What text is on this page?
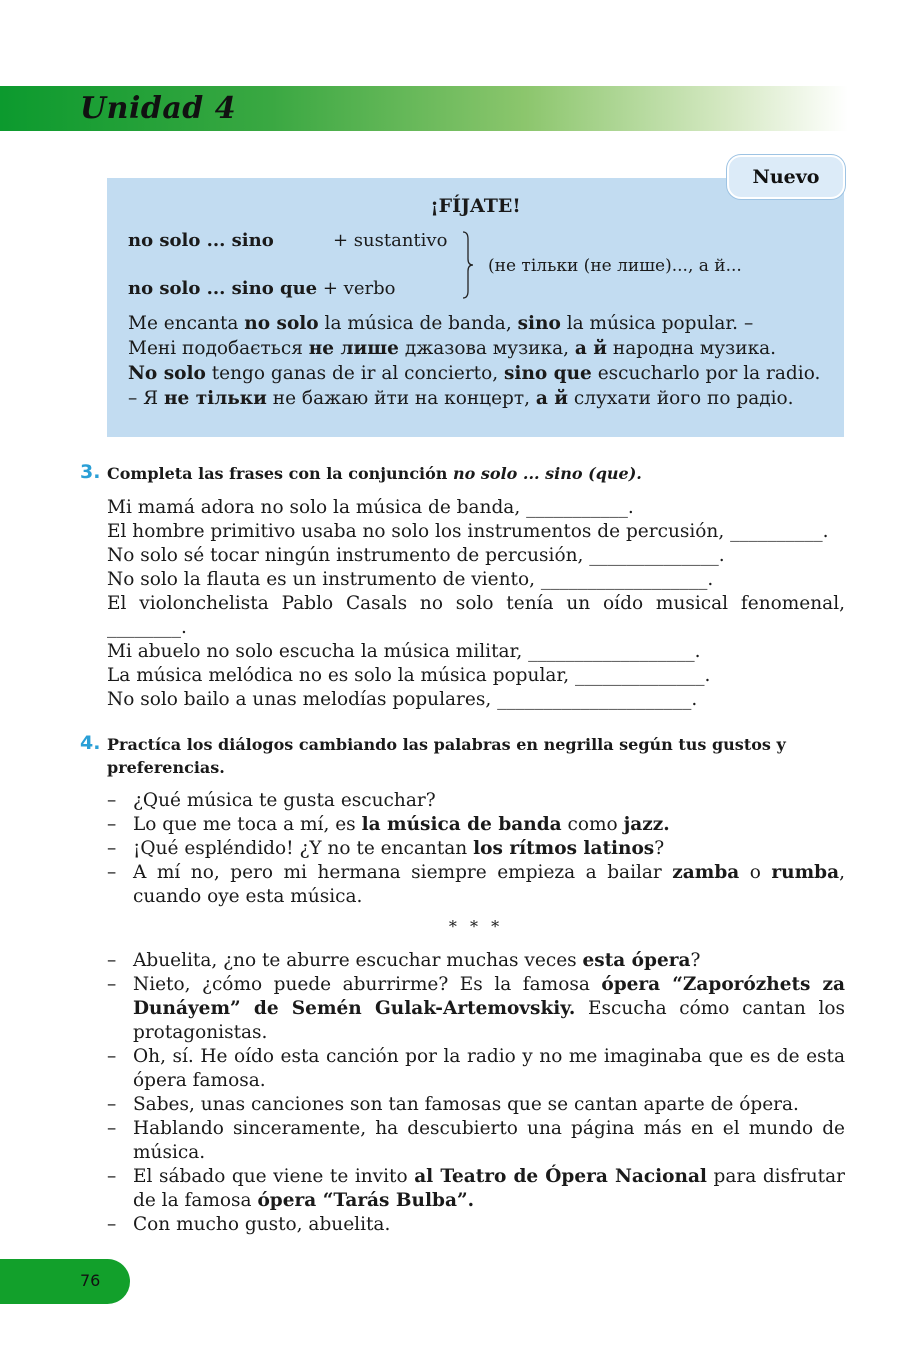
Unidad 4
Nuevo
¡FÍJATE!
no solo ... sino	+ sustantivo
no solo ... sino que + verbo
(не тільки (не лише)..., а й...
Me encanta no solo la música de banda, sino la música popular. –
Мені подобається не лише джазова музика, а й народна музика.
No solo tengo ganas de ir al concierto, sino que escucharlo por la radio.
– Я не тільки не бажаю йти на концерт, а й слухати його по радіо.
3. Completa las frases con la conjunción no solo ... sino (que).
Mi mamá adora no solo la música de banda, ___________.
El hombre primitivo usaba no solo los instrumentos de percusión, __________.
No solo sé tocar ningún instrumento de percusión, ______________.
No solo la flauta es un instrumento de viento, __________________.
El violonchelista Pablo Casals no solo tenía un oído musical fenomenal,
________.
Mi abuelo no solo escucha la música militar, __________________.
La música melódica no es solo la música popular, ______________.
No solo bailo a unas melodías populares, _____________________.
4. Practíca los diálogos cambiando las palabras en negrilla según tus gustos y preferencias.
– ¿Qué música te gusta escuchar?
– Lo que me toca a mí, es la música de banda como jazz.
– ¡Qué espléndido! ¿Y no te encantan los rítmos latinos?
– A mí no, pero mi hermana siempre empieza a bailar zamba o rumba, cuando oye esta música.
* * *
– Abuelita, ¿no te aburre escuchar muchas veces esta ópera?
– Nieto, ¿cómo puede aburrirme? Es la famosa ópera “Zaporózhets za Dunáyem” de Semén Gulak-Artemovskiy. Escucha cómo cantan los protagonistas.
– Oh, sí. He oído esta canción por la radio y no me imaginaba que es de esta ópera famosa.
– Sabes, unas canciones son tan famosas que se cantan aparte de ópera.
– Hablando sinceramente, ha descubierto una página más en el mundo de música.
– El sábado que viene te invito al Teatro de Ópera Nacional para disfrutar de la famosa ópera “Tarás Bulba”.
– Con mucho gusto, abuelita.
76
